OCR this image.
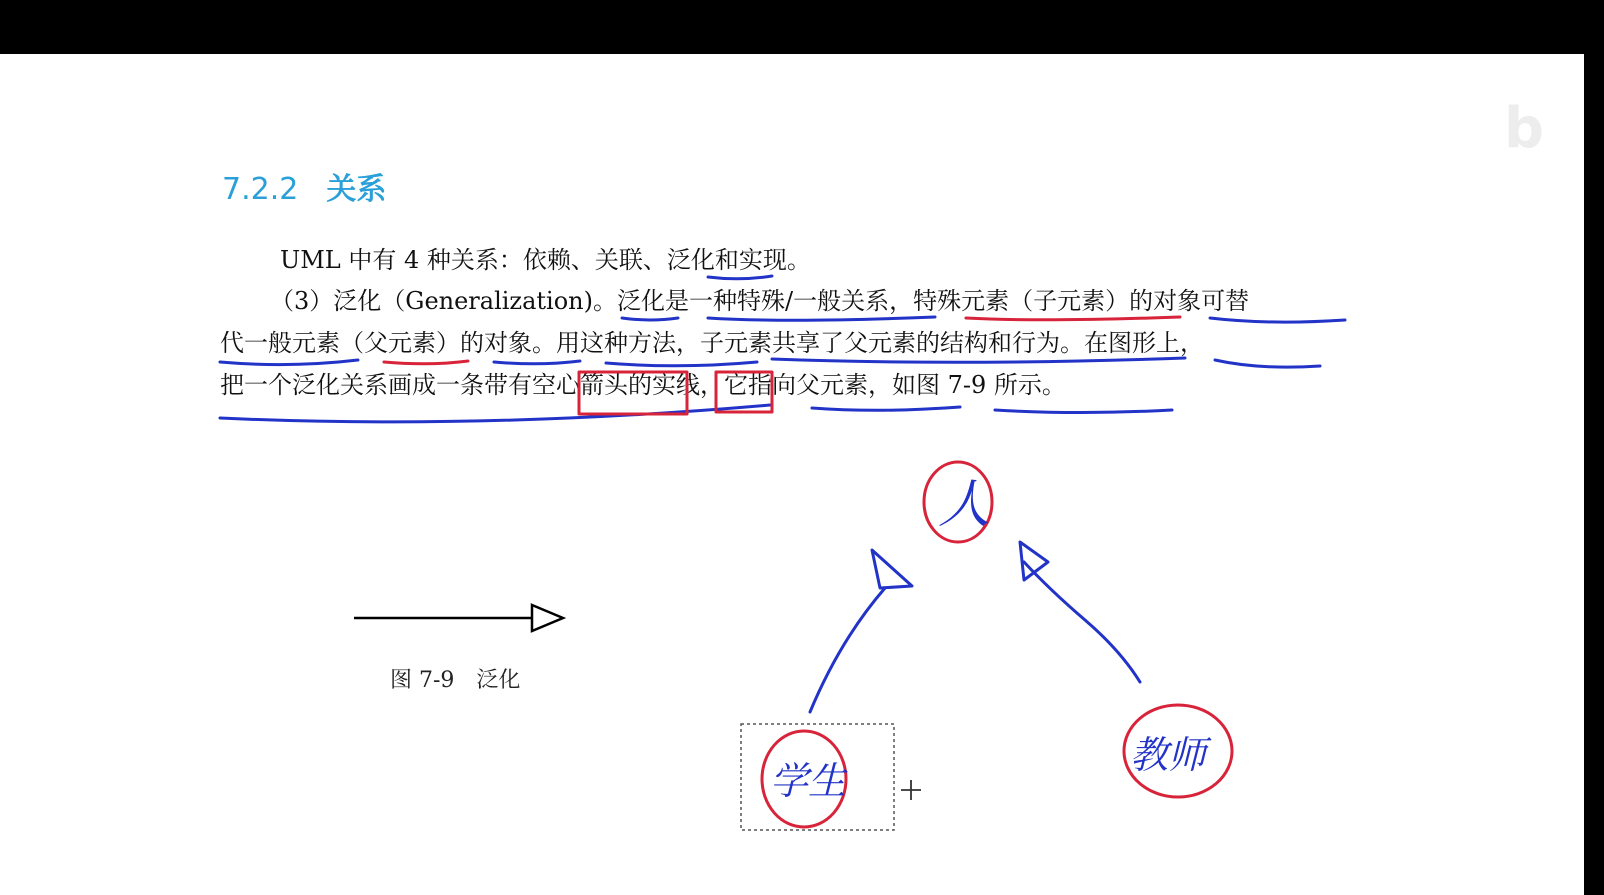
b
7.2.2 关系
UML 中有 4 种关系：依赖、关联、泛化和实现。
（3）泛化（Generalization)。泛化是一种特殊/一般关系，特殊元素（子元素）的对象可替
代一般元素（父元素）的对象。用这种方法，子元素共享了父元素的结构和行为。在图形上，
把一个泛化关系画成一条带有空心箭头的实线，它指向父元素，如图 7-9 所示。
图 7-9 泛化
人
学生
教师
